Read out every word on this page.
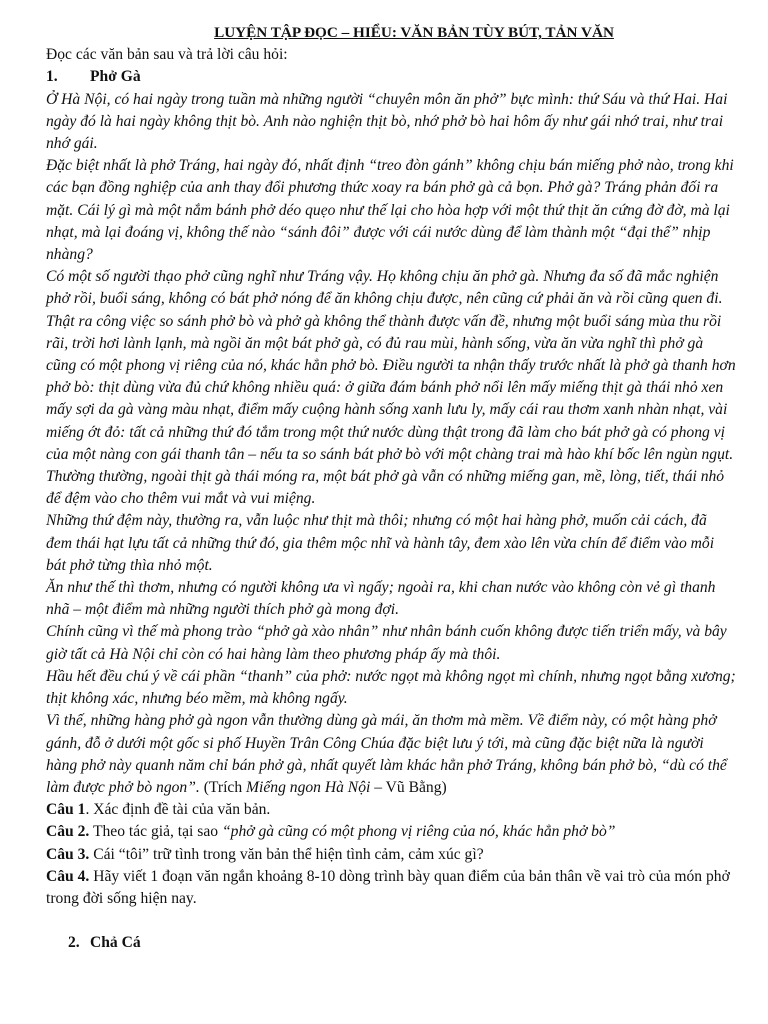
LUYỆN TẬP ĐỌC – HIỂU: VĂN BẢN TÙY BÚT, TẢN VĂN

Đọc các văn bản sau và trả lời câu hỏi:

1. Phở Gà

Ở Hà Nội, có hai ngày trong tuần mà những người “chuyên môn ăn phở” bực mình: thứ Sáu và thứ Hai. Hai ngày đó là hai ngày không thịt bò. Anh nào nghiện thịt bò, nhớ phở bò hai hôm ấy như gái nhớ trai, như trai nhớ gái.

Đặc biệt nhất là phở Tráng, hai ngày đó, nhất định “treo đòn gánh” không chịu bán miếng phở nào, trong khi các bạn đồng nghiệp của anh thay đổi phương thức xoay ra bán phở gà cả bọn. Phở gà? Tráng phản đối ra mặt. Cái lý gì mà một nắm bánh phở déo quẹo như thế lại cho hòa hợp với một thứ thịt ăn cứng đờ đờ, mà lại nhạt, mà lại đoáng vị, không thế nào “sánh đôi” được với cái nước dùng để làm thành một “đại thể” nhịp nhàng?

Có một số người thạo phở cũng nghĩ như Tráng vậy. Họ không chịu ăn phở gà. Nhưng đa số đã mắc nghiện phở rồi, buổi sáng, không có bát phở nóng để ăn không chịu được, nên cũng cứ phải ăn và rồi cũng quen đi.

Thật ra công việc so sánh phở bò và phở gà không thể thành được vấn đề, nhưng một buổi sáng mùa thu rồi rãi, trời hơi lành lạnh, mà ngồi ăn một bát phở gà, có đủ rau mùi, hành sống, vừa ăn vừa nghĩ thì phở gà cũng có một phong vị riêng của nó, khác hẳn phở bò. Điều người ta nhận thấy trước nhất là phở gà thanh hơn phở bò: thịt dùng vừa đủ chứ không nhiều quá: ở giữa đám bánh phở nổi lên mấy miếng thịt gà thái nhỏ xen mấy sợi da gà vàng màu nhạt, điểm mấy cuộng hành sống xanh lưu ly, mấy cái rau thơm xanh nhàn nhạt, vài miếng ớt đỏ: tất cả những thứ đó tắm trong một thứ nước dùng thật trong đã làm cho bát phở gà có phong vị của một nàng con gái thanh tân – nếu ta so sánh bát phở bò với một chàng trai mà hào khí bốc lên ngùn ngụt.

Thường thường, ngoài thịt gà thái móng ra, một bát phở gà vẫn có những miếng gan, mề, lòng, tiết, thái nhỏ để đệm vào cho thêm vui mắt và vui miệng.

Những thứ đệm này, thường ra, vẫn luộc như thịt mà thôi; nhưng có một hai hàng phở, muốn cải cách, đã đem thái hạt lựu tất cả những thứ đó, gia thêm mộc nhĩ và hành tây, đem xào lên vừa chín để điểm vào mỗi bát phở từng thìa nhỏ một.

Ăn như thế thì thơm, nhưng có người không ưa vì ngấy; ngoài ra, khi chan nước vào không còn vẻ gì thanh nhã – một điểm mà những người thích phở gà mong đợi.

Chính cũng vì thế mà phong trào “phở gà xào nhân” như nhân bánh cuốn không được tiến triển mấy, và bây giờ tất cả Hà Nội chỉ còn có hai hàng làm theo phương pháp ấy mà thôi.

Hầu hết đều chú ý về cái phần “thanh” của phở: nước ngọt mà không ngọt mì chính, nhưng ngọt bằng xương; thịt không xác, nhưng béo mềm, mà không ngấy.

Vì thế, những hàng phở gà ngon vẫn thường dùng gà mái, ăn thơm mà mềm. Về điểm này, có một hàng phở gánh, đỗ ở dưới một gốc si phố Huyền Trân Công Chúa đặc biệt lưu ý tới, mà cũng đặc biệt nữa là người hàng phở này quanh năm chỉ bán phở gà, nhất quyết làm khác hẳn phở Tráng, không bán phở bò, “dù có thể làm được phở bò ngon”. (Trích Miếng ngon Hà Nội – Vũ Bằng)

Câu 1. Xác định đề tài của văn bản.

Câu 2. Theo tác giả, tại sao “phở gà cũng có một phong vị riêng của nó, khác hẳn phở bò”

Câu 3. Cái “tôi” trữ tình trong văn bản thể hiện tình cảm, cảm xúc gì?

Câu 4. Hãy viết 1 đoạn văn ngắn khoảng 8-10 dòng trình bày quan điểm của bản thân về vai trò của món phở trong đời sống hiện nay.

2. Chả Cá
